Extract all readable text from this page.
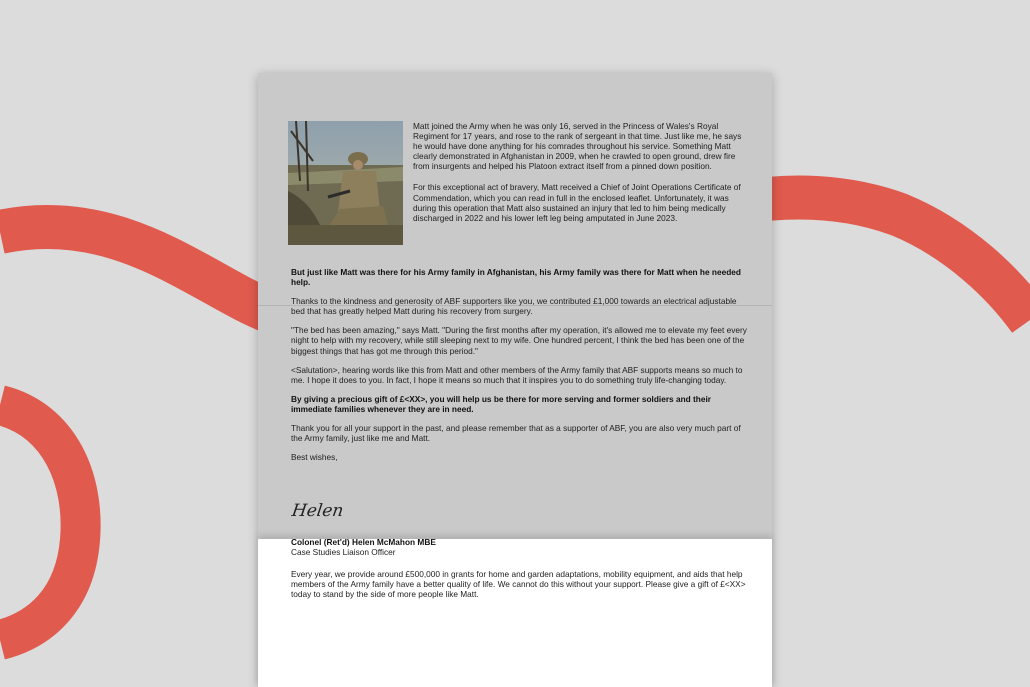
Matt joined the Army when he was only 16, served in the Princess of Wales's Royal Regiment for 17 years, and rose to the rank of sergeant in that time. Just like me, he says he would have done anything for his comrades throughout his service. Something Matt clearly demonstrated in Afghanistan in 2009, when he crawled to open ground, drew fire from insurgents and helped his Platoon extract itself from a pinned down position.

For this exceptional act of bravery, Matt received a Chief of Joint Operations Certificate of Commendation, which you can read in full in the enclosed leaflet. Unfortunately, it was during this operation that Matt also sustained an injury that led to him being medically discharged in 2022 and his lower left leg being amputated in June 2023.

But just like Matt was there for his Army family in Afghanistan, his Army family was there for Matt when he needed help.

Thanks to the kindness and generosity of ABF supporters like you, we contributed £1,000 towards an electrical adjustable bed that has greatly helped Matt during his recovery from surgery.

"The bed has been amazing," says Matt. "During the first months after my operation, it's allowed me to elevate my feet every night to help with my recovery, while still sleeping next to my wife. One hundred percent, I think the bed has been one of the biggest things that has got me through this period."

<Salutation>, hearing words like this from Matt and other members of the Army family that ABF supports means so much to me. I hope it does to you. In fact, I hope it means so much that it inspires you to do something truly life-changing today.

By giving a precious gift of £<XX>, you will help us be there for more serving and former soldiers and their immediate families whenever they are in need.

Thank you for all your support in the past, and please remember that as a supporter of ABF, you are also very much part of the Army family, just like me and Matt.

Best wishes,

Helen

Colonel (Ret'd) Helen McMahon MBE

Case Studies Liaison Officer

Every year, we provide around £500,000 in grants for home and garden adaptations, mobility equipment, and aids that help members of the Army family have a better quality of life. We cannot do this without your support. Please give a gift of £<XX> today to stand by the side of more people like Matt.
